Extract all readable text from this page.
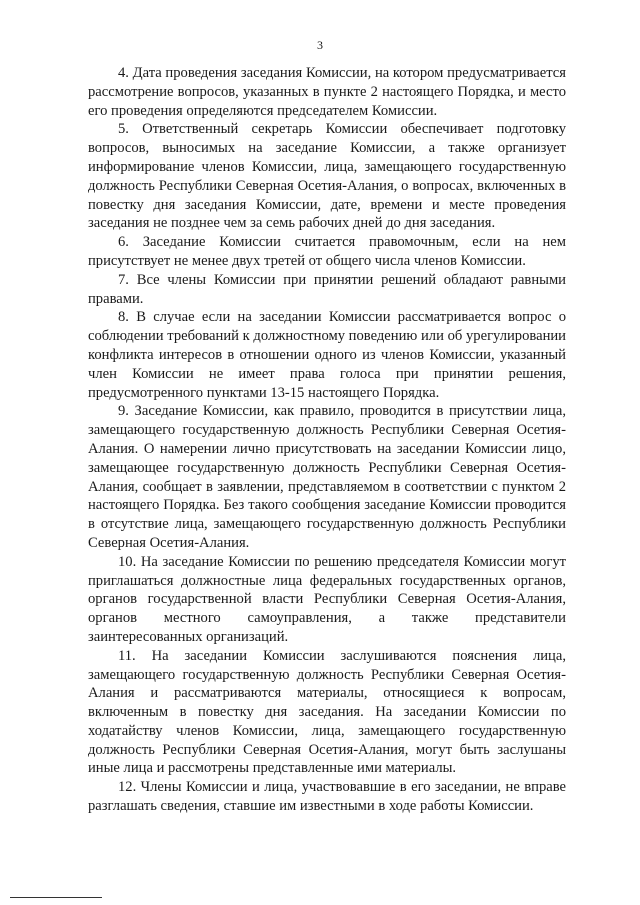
3

4. Дата проведения заседания Комиссии, на котором предусматривается рассмотрение вопросов, указанных в пункте 2 настоящего Порядка, и место его проведения определяются председателем Комиссии.

5. Ответственный секретарь Комиссии обеспечивает подготовку вопросов, выносимых на заседание Комиссии, а также организует информирование членов Комиссии, лица, замещающего государственную должность Республики Северная Осетия-Алания, о вопросах, включенных в повестку дня заседания Комиссии, дате, времени и месте проведения заседания не позднее чем за семь рабочих дней до дня заседания.

6. Заседание Комиссии считается правомочным, если на нем присутствует не менее двух третей от общего числа членов Комиссии.

7. Все члены Комиссии при принятии решений обладают равными правами.

8. В случае если на заседании Комиссии рассматривается вопрос о соблюдении требований к должностному поведению или об урегулировании конфликта интересов в отношении одного из членов Комиссии, указанный член Комиссии не имеет права голоса при принятии решения, предусмотренного пунктами 13-15 настоящего Порядка.

9. Заседание Комиссии, как правило, проводится в присутствии лица, замещающего государственную должность Республики Северная Осетия-Алания. О намерении лично присутствовать на заседании Комиссии лицо, замещающее государственную должность Республики Северная Осетия-Алания, сообщает в заявлении, представляемом в соответствии с пунктом 2 настоящего Порядка. Без такого сообщения заседание Комиссии проводится в отсутствие лица, замещающего государственную должность Республики Северная Осетия-Алания.

10. На заседание Комиссии по решению председателя Комиссии могут приглашаться должностные лица федеральных государственных органов, органов государственной власти Республики Северная Осетия-Алания, органов местного самоуправления, а также представители заинтересованных организаций.

11. На заседании Комиссии заслушиваются пояснения лица, замещающего государственную должность Республики Северная Осетия-Алания и рассматриваются материалы, относящиеся к вопросам, включенным в повестку дня заседания. На заседании Комиссии по ходатайству членов Комиссии, лица, замещающего государственную должность Республики Северная Осетия-Алания, могут быть заслушаны иные лица и рассмотрены представленные ими материалы.

12. Члены Комиссии и лица, участвовавшие в его заседании, не вправе разглашать сведения, ставшие им известными в ходе работы Комиссии.
